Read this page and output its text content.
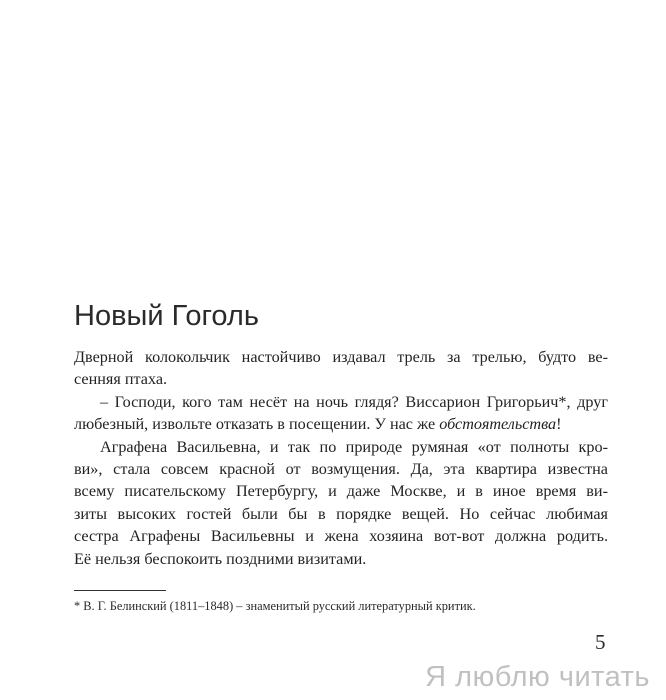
Новый Гоголь
Дверной колокольчик настойчиво издавал трель за трелью, будто ве-
сенняя птаха.
– Господи, кого там несёт на ночь глядя? Виссарион Григорьич*, друг
любезный, извольте отказать в посещении. У нас же обстоятельства!
Аграфена Васильевна, и так по природе румяная «от полноты кро-
ви», стала совсем красной от возмущения. Да, эта квартира известна
всему писательскому Петербургу, и даже Москве, и в иное время ви-
зиты высоких гостей были бы в порядке вещей. Но сейчас любимая
сестра Аграфены Васильевны и жена хозяина вот-вот должна родить.
Её нельзя беспокоить поздними визитами.
* В. Г. Белинский (1811–1848) – знаменитый русский литературный критик.
5
Я люблю читать
